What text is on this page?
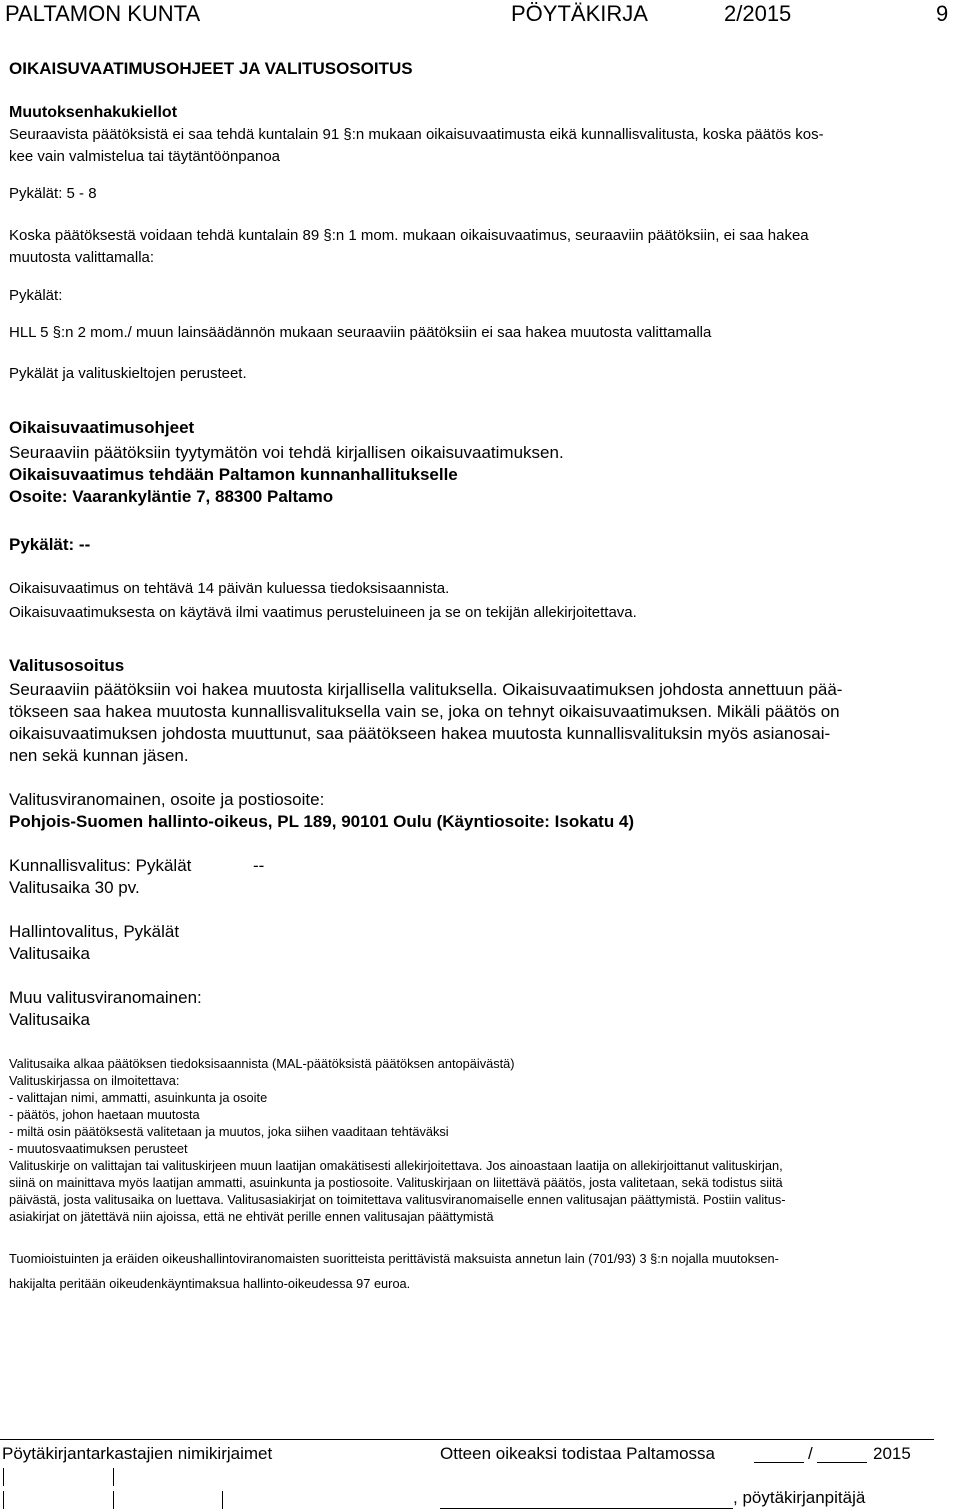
PALTAMON KUNTA	PÖYTÄKIRJA	2/2015	9
OIKAISUVAATIMUSOHJEET JA VALITUSOSOITUS
Muutoksenhakukiellot
Seuraavista päätöksistä ei saa tehdä kuntalain 91 §:n mukaan oikaisuvaatimusta eikä kunnallisvalitusta, koska päätös kos-
kee vain valmistelua tai täytäntöönpanoa
Pykälät: 5 - 8
Koska päätöksestä voidaan tehdä kuntalain 89 §:n 1 mom. mukaan oikaisuvaatimus, seuraaviin päätöksiin, ei saa hakea
muutosta valittamalla:
Pykälät:
HLL 5 §:n 2 mom./ muun lainsäädännön mukaan seuraaviin päätöksiin ei saa hakea muutosta valittamalla
Pykälät ja valituskieltojen perusteet.
Oikaisuvaatimusohjeet
Seuraaviin päätöksiin tyytymätön voi tehdä kirjallisen oikaisuvaatimuksen.
Oikaisuvaatimus tehdään Paltamon kunnanhallitukselle
Osoite: Vaarankyläntie 7, 88300 Paltamo
Pykälät: --
Oikaisuvaatimus on tehtävä 14 päivän kuluessa tiedoksisaannista.
Oikaisuvaatimuksesta on käytävä ilmi vaatimus perusteluineen ja se on tekijän allekirjoitettava.
Valitusosoitus
Seuraaviin päätöksiin voi hakea muutosta kirjallisella valituksella. Oikaisuvaatimuksen johdosta annettuun pää-
tökseen saa hakea muutosta kunnallisvalituksella vain se, joka on tehnyt oikaisuvaatimuksen. Mikäli päätös on
oikaisuvaatimuksen johdosta muuttunut, saa päätökseen hakea muutosta kunnallisvalituksin myös asianosai-
nen sekä kunnan jäsen.
Valitusviranomainen, osoite ja postiosoite:
Pohjois-Suomen hallinto-oikeus, PL 189, 90101 Oulu (Käyntiosoite: Isokatu 4)
Kunnallisvalitus: Pykälät	--
Valitusaika 30 pv.
Hallintovalitus, Pykälät
Valitusaika
Muu valitusviranomainen:
Valitusaika
Valitusaika alkaa päätöksen tiedoksisaannista (MAL-päätöksistä päätöksen antopäivästä)
Valituskirjassa on ilmoitettava:
- valittajan nimi, ammatti, asuinkunta ja osoite
- päätös, johon haetaan muutosta
- miltä osin päätöksestä valitetaan ja muutos, joka siihen vaaditaan tehtäväksi
- muutosvaatimuksen perusteet
Valituskirje on valittajan tai valituskirjeen muun laatijan omakätisesti allekirjoitettava. Jos ainoastaan laatija on allekirjoittanut valituskirjan,
siinä on mainittava myös laatijan ammatti, asuinkunta ja postiosoite. Valituskirjaan on liitettävä päätös, josta valitetaan, sekä todistus siitä
päivästä, josta valitusaika on luettava. Valitusasiakirjat on toimitettava valitusviranomaiselle ennen valitusajan päättymistä. Postiin valitus-
asiakirjat on jätettävä niin ajoissa, että ne ehtivät perille ennen valitusajan päättymistä
Tuomioistuinten ja eräiden oikeushallintoviranomaisten suoritteista perittävistä maksuista annetun lain (701/93) 3 §:n nojalla muutoksen-
hakijalta peritään oikeudenkäyntimaksua hallinto-oikeudessa 97 euroa.
Pöytäkirjantarkastajien nimikirjaimet	Otteen oikeaksi todistaa Paltamossa	/	2015
, pöytäkirjanpitäjä
